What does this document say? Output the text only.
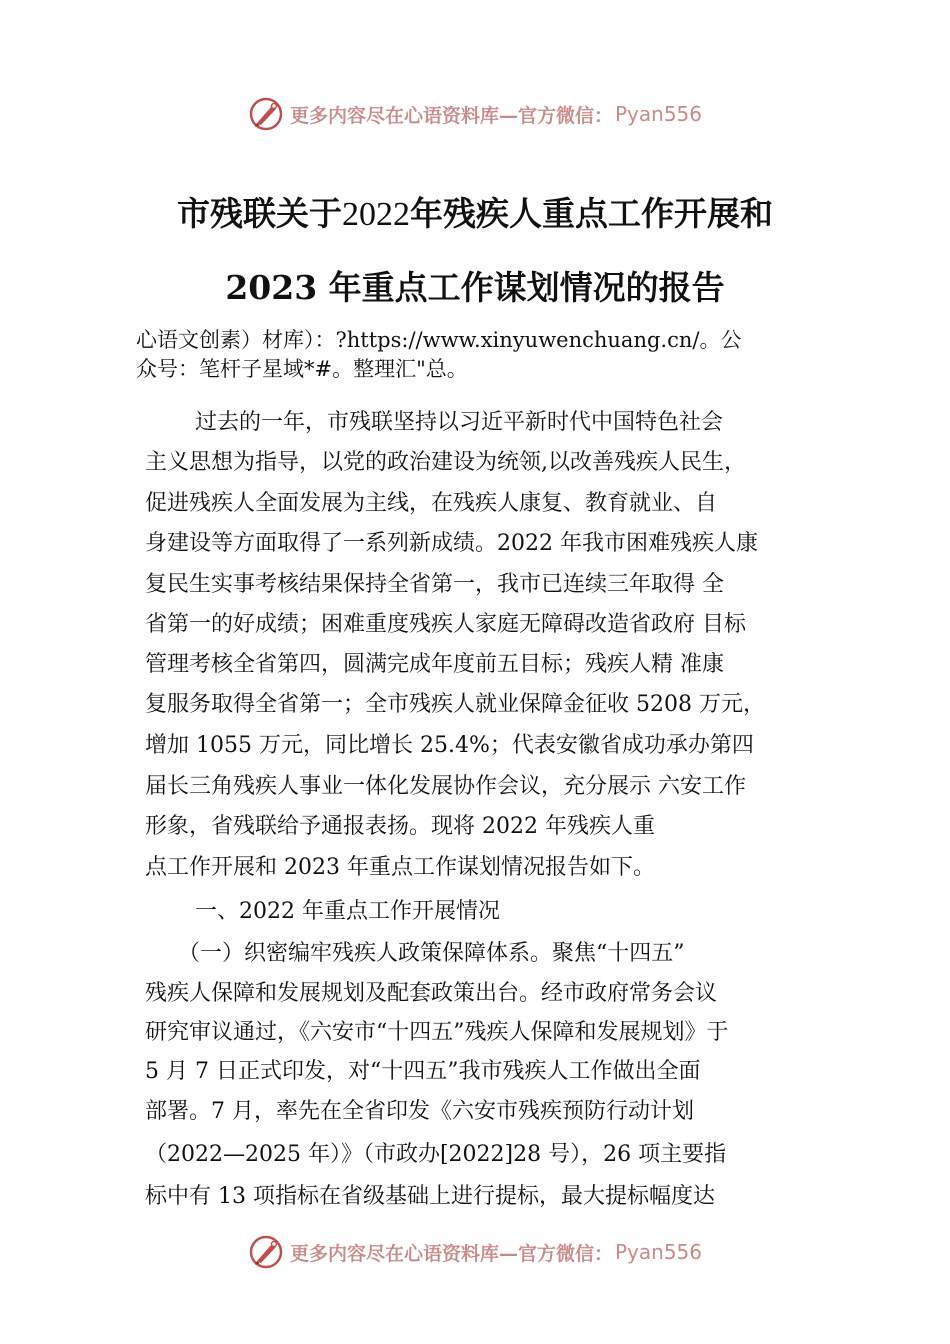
更多内容尽在心语资料库—官方微信： Pyan556
市残联关于2022年残疾人重点工作开展和
2023 年重点工作谋划情况的报告
心语文创素）材库）：?https://www.xinyuwenchuang.cn/。公
众号：笔杆子星域*#。整理汇"总。
过去的一年，市残联坚持以习近平新时代中国特色社会
主义思想为指导，以党的政治建设为统领,以改善残疾人民生，
促进残疾人全面发展为主线，在残疾人康复、教育就业、自
身建设等方面取得了一系列新成绩。2022 年我市困难残疾人康
复民生实事考核结果保持全省第一，我市已连续三年取得 全
省第一的好成绩；困难重度残疾人家庭无障碍改造省政府 目标
管理考核全省第四，圆满完成年度前五目标；残疾人精 准康
复服务取得全省第一；全市残疾人就业保障金征收 5208 万元，
增加 1055 万元，同比增长 25.4%；代表安徽省成功承办第四
届长三角残疾人事业一体化发展协作会议，充分展示 六安工作
形象，省残联给予通报表扬。现将 2022 年残疾人重
点工作开展和 2023 年重点工作谋划情况报告如下。
一、2022 年重点工作开展情况
（一）织密编牢残疾人政策保障体系。聚焦“十四五”
残疾人保障和发展规划及配套政策出台。经市政府常务会议
研究审议通过，《六安市“十四五”残疾人保障和发展规划》于
5 月 7 日正式印发，对“十四五”我市残疾人工作做出全面
部署。7 月，率先在全省印发《六安市残疾预防行动计划
（2022—2025 年）》（市政办[2022]28 号），26 项主要指
标中有 13 项指标在省级基础上进行提标，最大提标幅度达
更多内容尽在心语资料库—官方微信： Pyan556
